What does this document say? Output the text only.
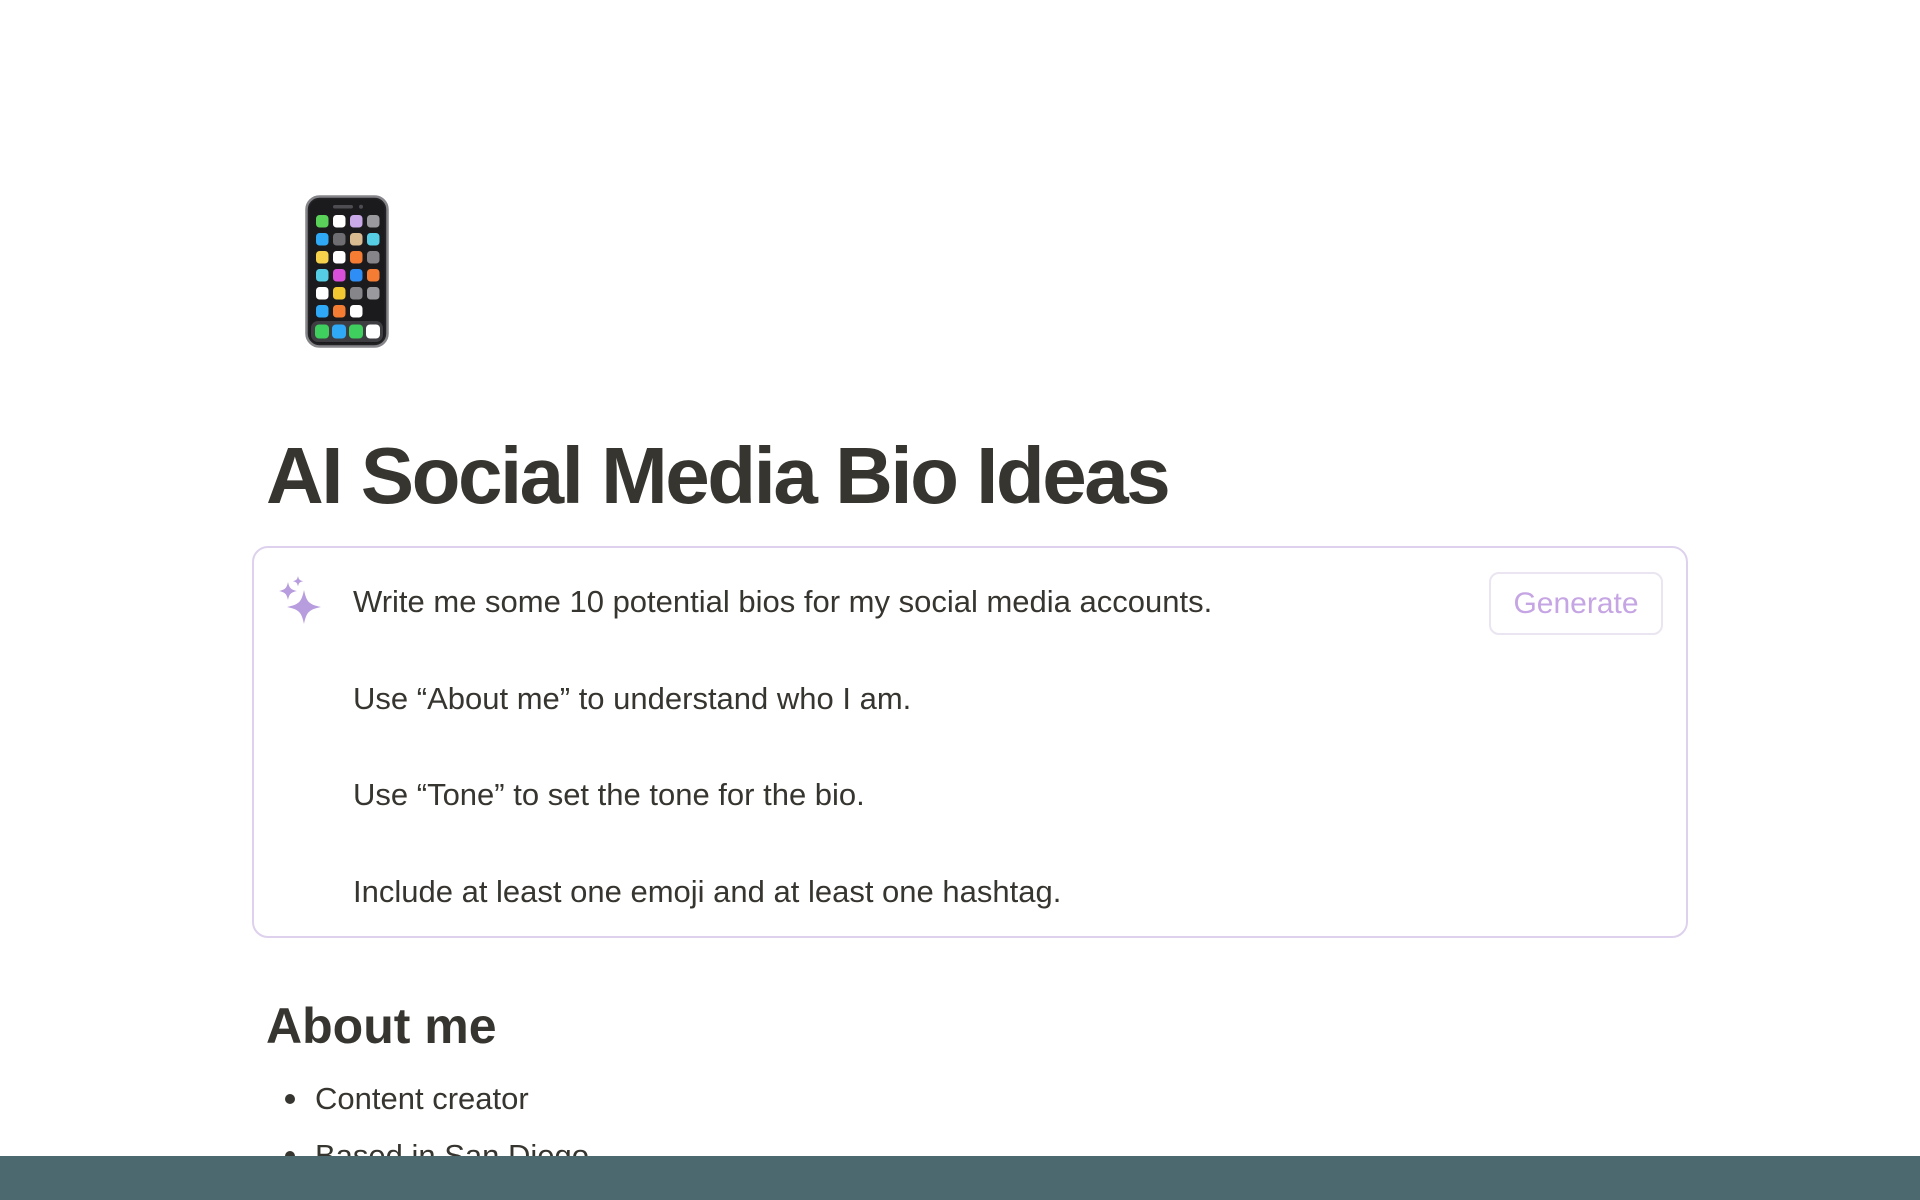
AI Social Media Bio Ideas
Write me some 10 potential bios for my social media accounts.
Use “About me” to understand who I am.
Use “Tone” to set the tone for the bio.
Include at least one emoji and at least one hashtag.
Generate
About me
Content creator
